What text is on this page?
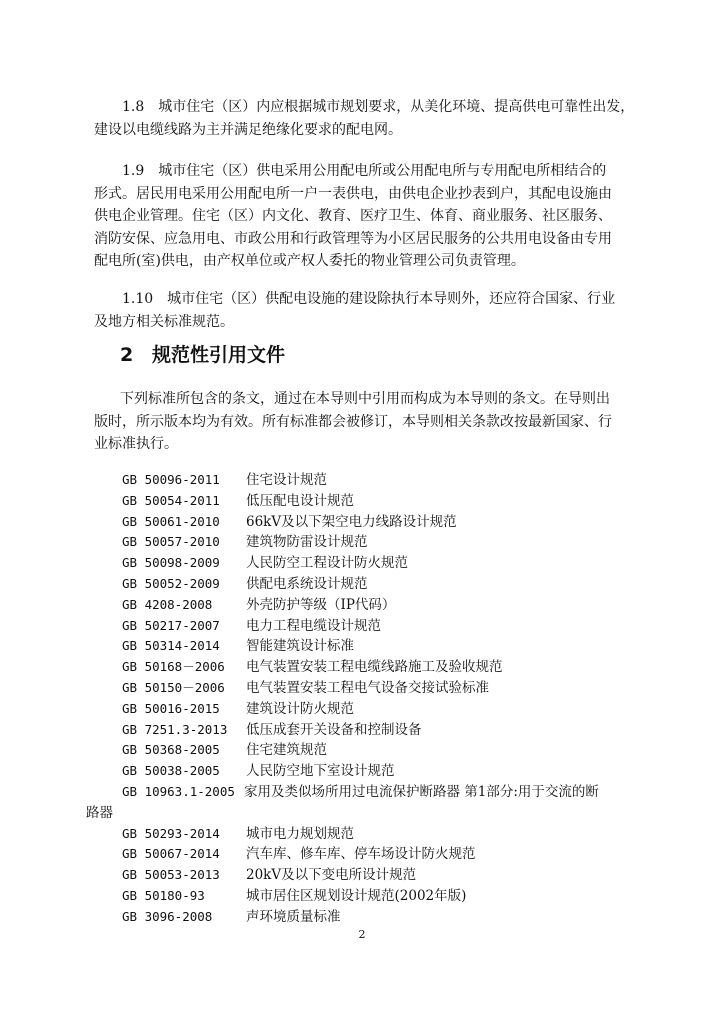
1.8　城市住宅（区）内应根据城市规划要求，从美化环境、提高供电可靠性出发，
建设以电缆线路为主并满足绝缘化要求的配电网。

1.9　城市住宅（区）供电采用公用配电所或公用配电所与专用配电所相结合的
形式。居民用电采用公用配电所一户一表供电，由供电企业抄表到户，其配电设施由
供电企业管理。住宅（区）内文化、教育、医疗卫生、体育、商业服务、社区服务、
消防安保、应急用电、市政公用和行政管理等为小区居民服务的公共用电设备由专用
配电所(室)供电，由产权单位或产权人委托的物业管理公司负责管理。

1.10　城市住宅（区）供配电设施的建设除执行本导则外，还应符合国家、行业
及地方相关标准规范。

2 规范性引用文件

下列标准所包含的条文，通过在本导则中引用而构成为本导则的条文。在导则出
版时，所示版本均为有效。所有标准都会被修订，本导则相关条款改按最新国家、行
业标准执行。

GB 50096-2011 住宅设计规范
GB 50054-2011 低压配电设计规范
GB 50061-2010 66kV及以下架空电力线路设计规范
GB 50057-2010 建筑物防雷设计规范
GB 50098-2009 人民防空工程设计防火规范
GB 50052-2009 供配电系统设计规范
GB 4208-2008 外壳防护等级（IP代码）
GB 50217-2007 电力工程电缆设计规范
GB 50314-2014 智能建筑设计标准
GB 50168－2006 电气装置安装工程电缆线路施工及验收规范
GB 50150－2006 电气装置安装工程电气设备交接试验标准
GB 50016-2015 建筑设计防火规范
GB 7251.3-2013 低压成套开关设备和控制设备
GB 50368-2005 住宅建筑规范
GB 50038-2005 人民防空地下室设计规范
GB 10963.1-2005 家用及类似场所用过电流保护断路器 第1部分:用于交流的断
路器
GB 50293-2014 城市电力规划规范
GB 50067-2014 汽车库、修车库、停车场设计防火规范
GB 50053-2013 20kV及以下变电所设计规范
GB 50180-93	城市居住区规划设计规范(2002年版)
GB 3096-2008 声环境质量标准
2
